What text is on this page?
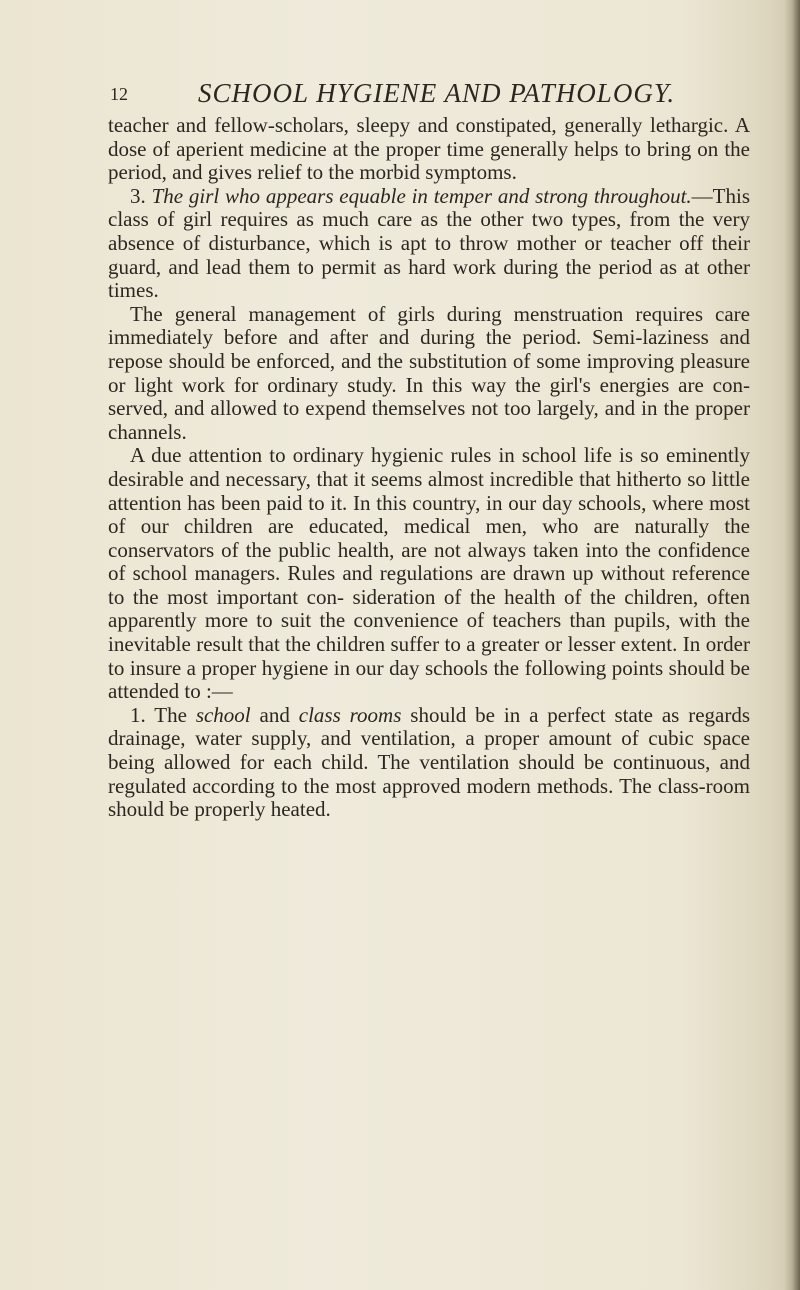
12	SCHOOL HYGIENE AND PATHOLOGY.

teacher and fellow-scholars, sleepy and constipated, generally lethargic. A dose of aperient medicine at the proper time generally helps to bring on the period, and gives relief to the morbid symptoms.

3. The girl who appears equable in temper and strong throughout.—This class of girl requires as much care as the other two types, from the very absence of disturbance, which is apt to throw mother or teacher off their guard, and lead them to permit as hard work during the period as at other times.

The general management of girls during menstruation requires care immediately before and after and during the period. Semi-laziness and repose should be enforced, and the substitution of some improving pleasure or light work for ordinary study. In this way the girl's energies are con- served, and allowed to expend themselves not too largely, and in the proper channels.

A due attention to ordinary hygienic rules in school life is so eminently desirable and necessary, that it seems almost incredible that hitherto so little attention has been paid to it. In this country, in our day schools, where most of our children are educated, medical men, who are naturally the conservators of the public health, are not always taken into the confidence of school managers. Rules and regulations are drawn up without reference to the most important con- sideration of the health of the children, often apparently more to suit the convenience of teachers than pupils, with the inevitable result that the children suffer to a greater or lesser extent. In order to insure a proper hygiene in our day schools the following points should be attended to :—

1. The school and class rooms should be in a perfect state as regards drainage, water supply, and ventilation, a proper amount of cubic space being allowed for each child. The ventilation should be continuous, and regulated according to the most approved modern methods. The class-room should be properly heated.
